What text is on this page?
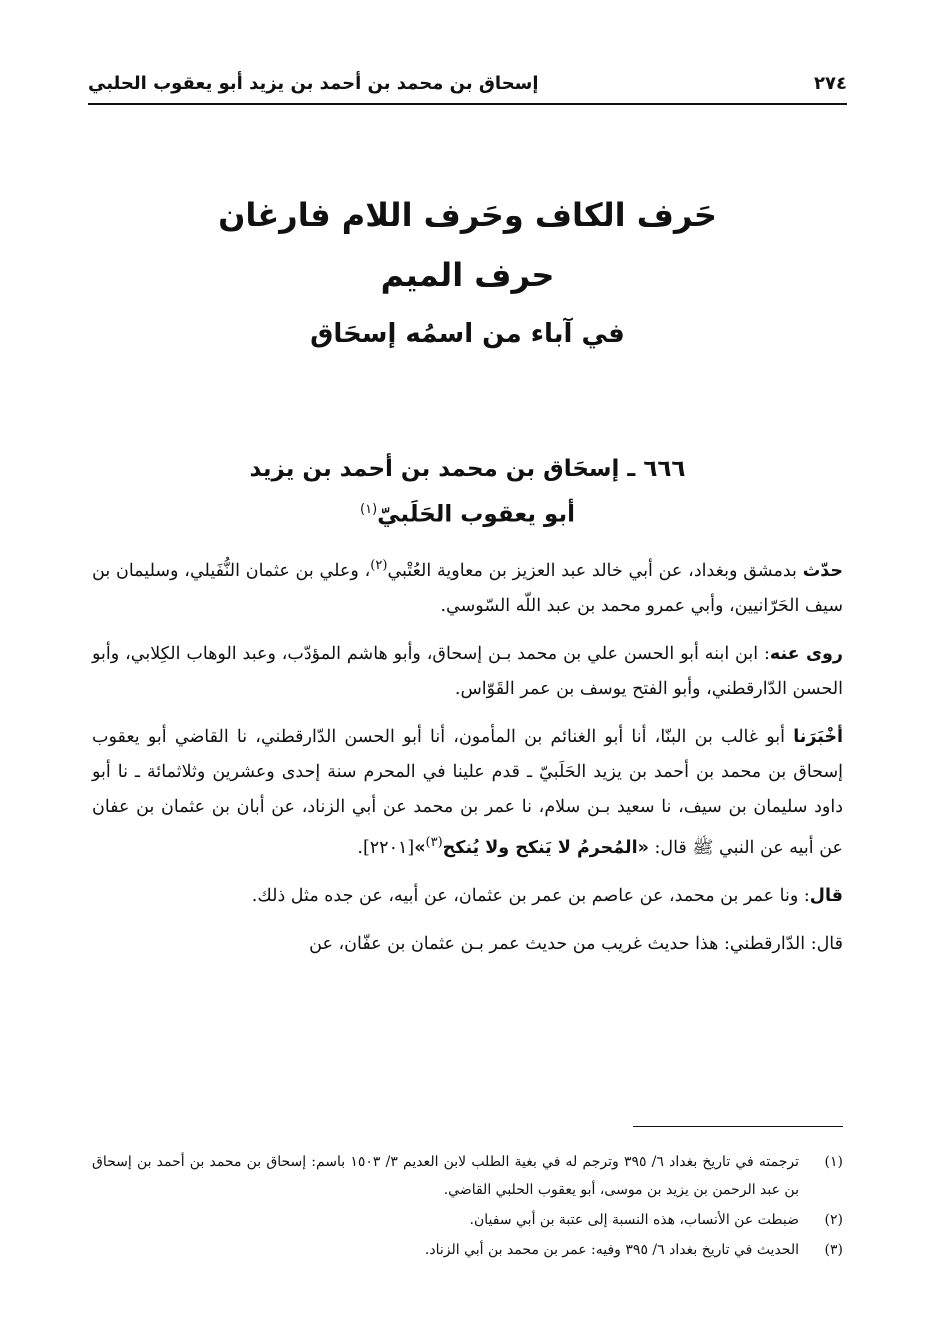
٢٧٤
إسحاق بن محمد بن أحمد بن يزيد أبو يعقوب الحلبي
حَرف الكاف وحَرف اللام فارغان
حرف الميم
في آباء من اسمُه إسحَاق
٦٦٦ ـ إسحَاق بن محمد بن أحمد بن يزيد
أبو يعقوب الحَلَبيّ$^{(١)}$

حدّث بدمشق وبغداد، عن أبي خالد عبد العزيز بن معاوية العُتْبي$^{(٢)}$، وعلي بن عثمان النُّفَيلي، وسليمان بن سيف الحَرّانيين، وأبي عمرو محمد بن عبد اللّه السّوسي.

روى عنه: ابن ابنه أبو الحسن علي بن محمد بـن إسحاق، وأبو هاشم المؤدّب، وعبد الوهاب الكِلابي، وأبو الحسن الدّارقطني، وأبو الفتح يوسف بن عمر القَوّاس.

أخْبَرَنا أبو غالب بن البنّا، أنا أبو الغنائم بن المأمون، أنا أبو الحسن الدّارقطني، نا القاضي أبو يعقوب إسحاق بن محمد بن أحمد بن يزيد الحَلَبيّ ـ قدم علينا في المحرم سنة إحدى وعشرين وثلاثمائة ـ نا أبو داود سليمان بن سيف، نا سعيد بـن سلام، نا عمر بن محمد عن أبي الزناد، عن أبان بن عثمان بن عفان عن أبيه عن النبي ﷺ قال: «المُحرمُ لا يَنكح ولا يُنكح$^{(٣)}$»[٢٢٠١].

قال: ونا عمر بن محمد، عن عاصم بن عمر بن عثمان، عن أبيه، عن جده مثل ذلك.

قال: الدّارقطني: هذا حديث غريب من حديث عمر بـن عثمان بن عفّان، عن

(١)
ترجمته في تاريخ بغداد ٦/ ٣٩٥ وترجم له في بغية الطلب لابن العديم ٣/ ١٥٠٣ باسم: إسحاق بن محمد بن أحمد بن إسحاق بن عبد الرحمن بن يزيد بن موسى، أبو يعقوب الحلبي القاضي.
(٢)
ضبطت عن الأنساب، هذه النسبة إلى عتبة بن أبي سفيان.
(٣)
الحديث في تاريخ بغداد ٦/ ٣٩٥ وفيه: عمر بن محمد بن أبي الزناد.
